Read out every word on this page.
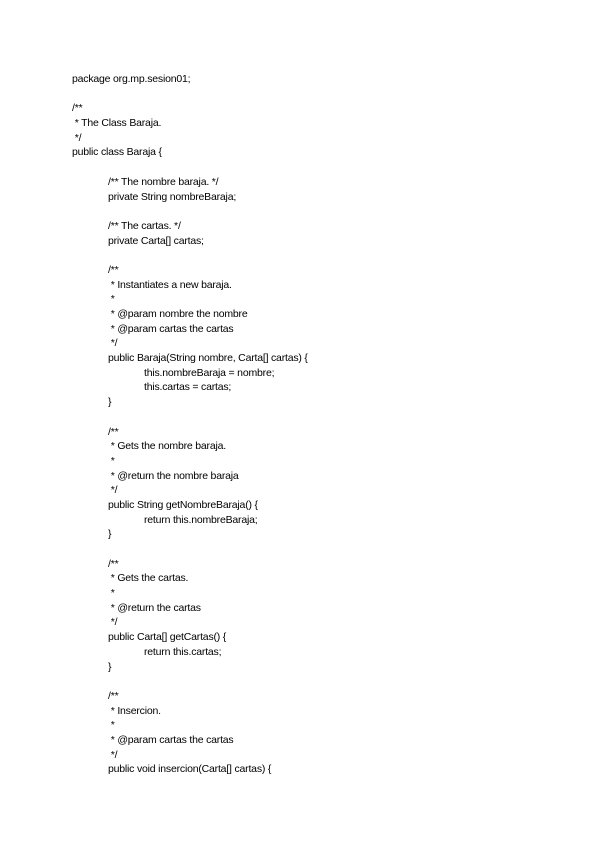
package org.mp.sesion01;
/**
* The Class Baraja.
*/
public class Baraja {
/** The nombre baraja. */
private String nombreBaraja;
/** The cartas. */
private Carta[] cartas;
/**
* Instantiates a new baraja.
*
* @param nombre the nombre
* @param cartas the cartas
*/
public Baraja(String nombre, Carta[] cartas) {
this.nombreBaraja = nombre;
this.cartas = cartas;
}
/**
* Gets the nombre baraja.
*
* @return the nombre baraja
*/
public String getNombreBaraja() {
return this.nombreBaraja;
}
/**
* Gets the cartas.
*
* @return the cartas
*/
public Carta[] getCartas() {
return this.cartas;
}
/**
* Insercion.
*
* @param cartas the cartas
*/
public void insercion(Carta[] cartas) {
